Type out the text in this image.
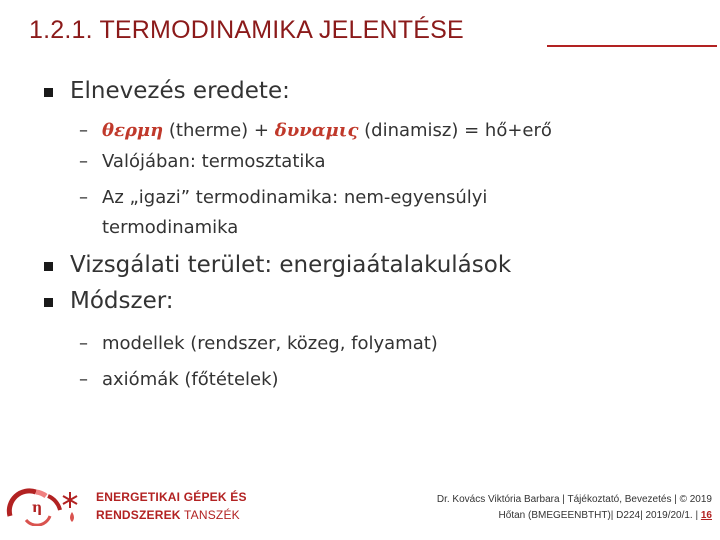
1.2.1. TERMODINAMIKA JELENTÉSE
Elnevezés eredete:
– θερμη (therme) + δυναμις (dinamisz) = hő+erő
– Valójában: termosztatika
– Az „igazi” termodinamika: nem-egyensúlyi
termodinamika
Vizsgálati terület: energiaátalakulások
Módszer:
– modellek (rendszer, közeg, folyamat)
– axiómák (főtételek)
η
ENERGETIKAI GÉPEK ÉS
RENDSZEREK TANSZÉK
Dr. Kovács Viktória Barbara | Tájékoztató, Bevezetés | © 2019
Hőtan (BMEGEENBTHT)| D224| 2019/20/1. | 16
